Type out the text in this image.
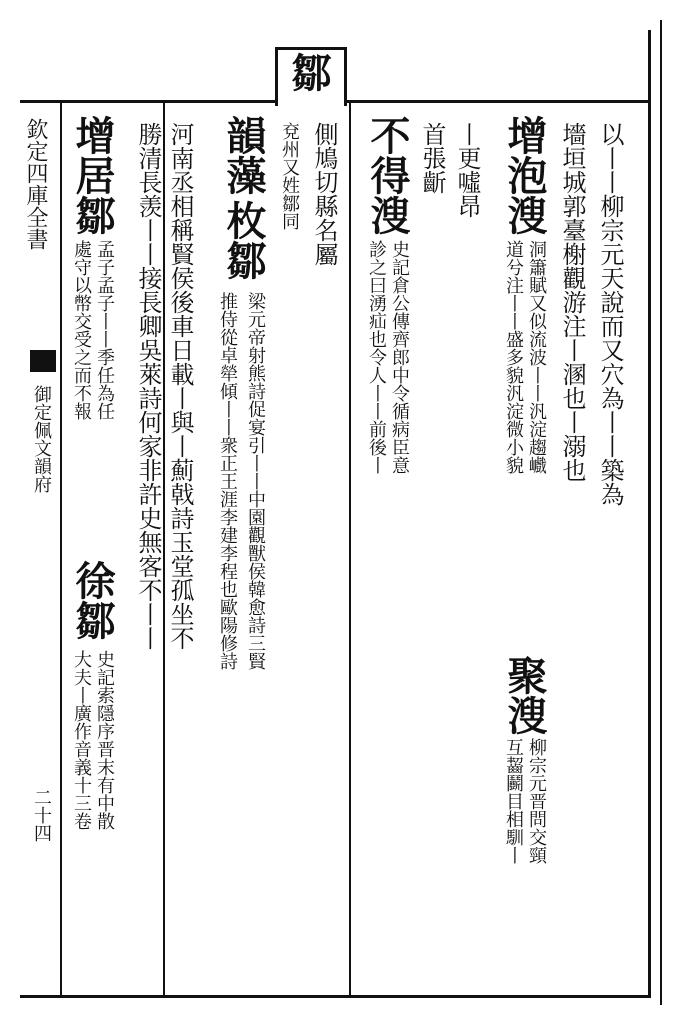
鄒
欽定四庫全書
御定佩文韻府
二十四
以丨丨柳宗元天說而又穴為丨丨築為
墻垣城郭臺榭觀游注丨溷也丨溺也
增泡溲
洞簫賦又似流波丨丨汎淀趨巇
道兮注丨丨盛多貌汎淀微小貌
聚溲
柳宗元晋問交頸
互齧鬬目相馴丨
丨更噓昂
首張齗
不得溲
史記倉公傳齊郎中令循病臣意
診之曰湧疝也令人丨丨前後丨
側鳩切縣名屬
兗州又姓鄒同
韻藻
枚鄒
梁元帝射熊詩促宴引丨丨中園觀獸侯韓愈詩三賢
推侍從卓犖傾丨丨衆正王涯李建李程也歐陽修詩
河南丞相稱賢侯後車日載丨與丨薊戟詩玉堂孤坐不
勝清長羡丨丨接長卿吳萊詩何家非許史無客不丨丨
增居鄒
孟子孟子丨丨季任為任
徐鄒
史記索隱序晋末有中散
處守以幣交受之而不報
大夫丨廣作音義十三卷
